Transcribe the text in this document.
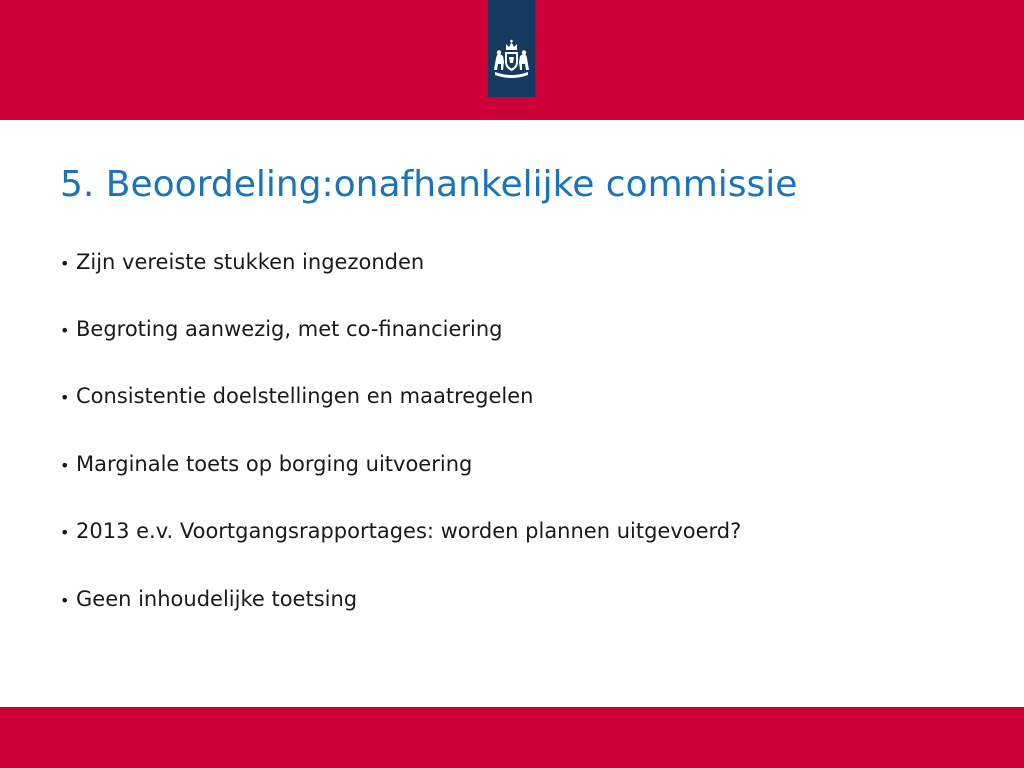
5. Beoordeling:onafhankelijke commissie
• Zijn vereiste stukken ingezonden
• Begroting aanwezig, met co-financiering
• Consistentie doelstellingen en maatregelen
• Marginale toets op borging uitvoering
• 2013 e.v. Voortgangsrapportages: worden plannen uitgevoerd?
• Geen inhoudelijke toetsing
